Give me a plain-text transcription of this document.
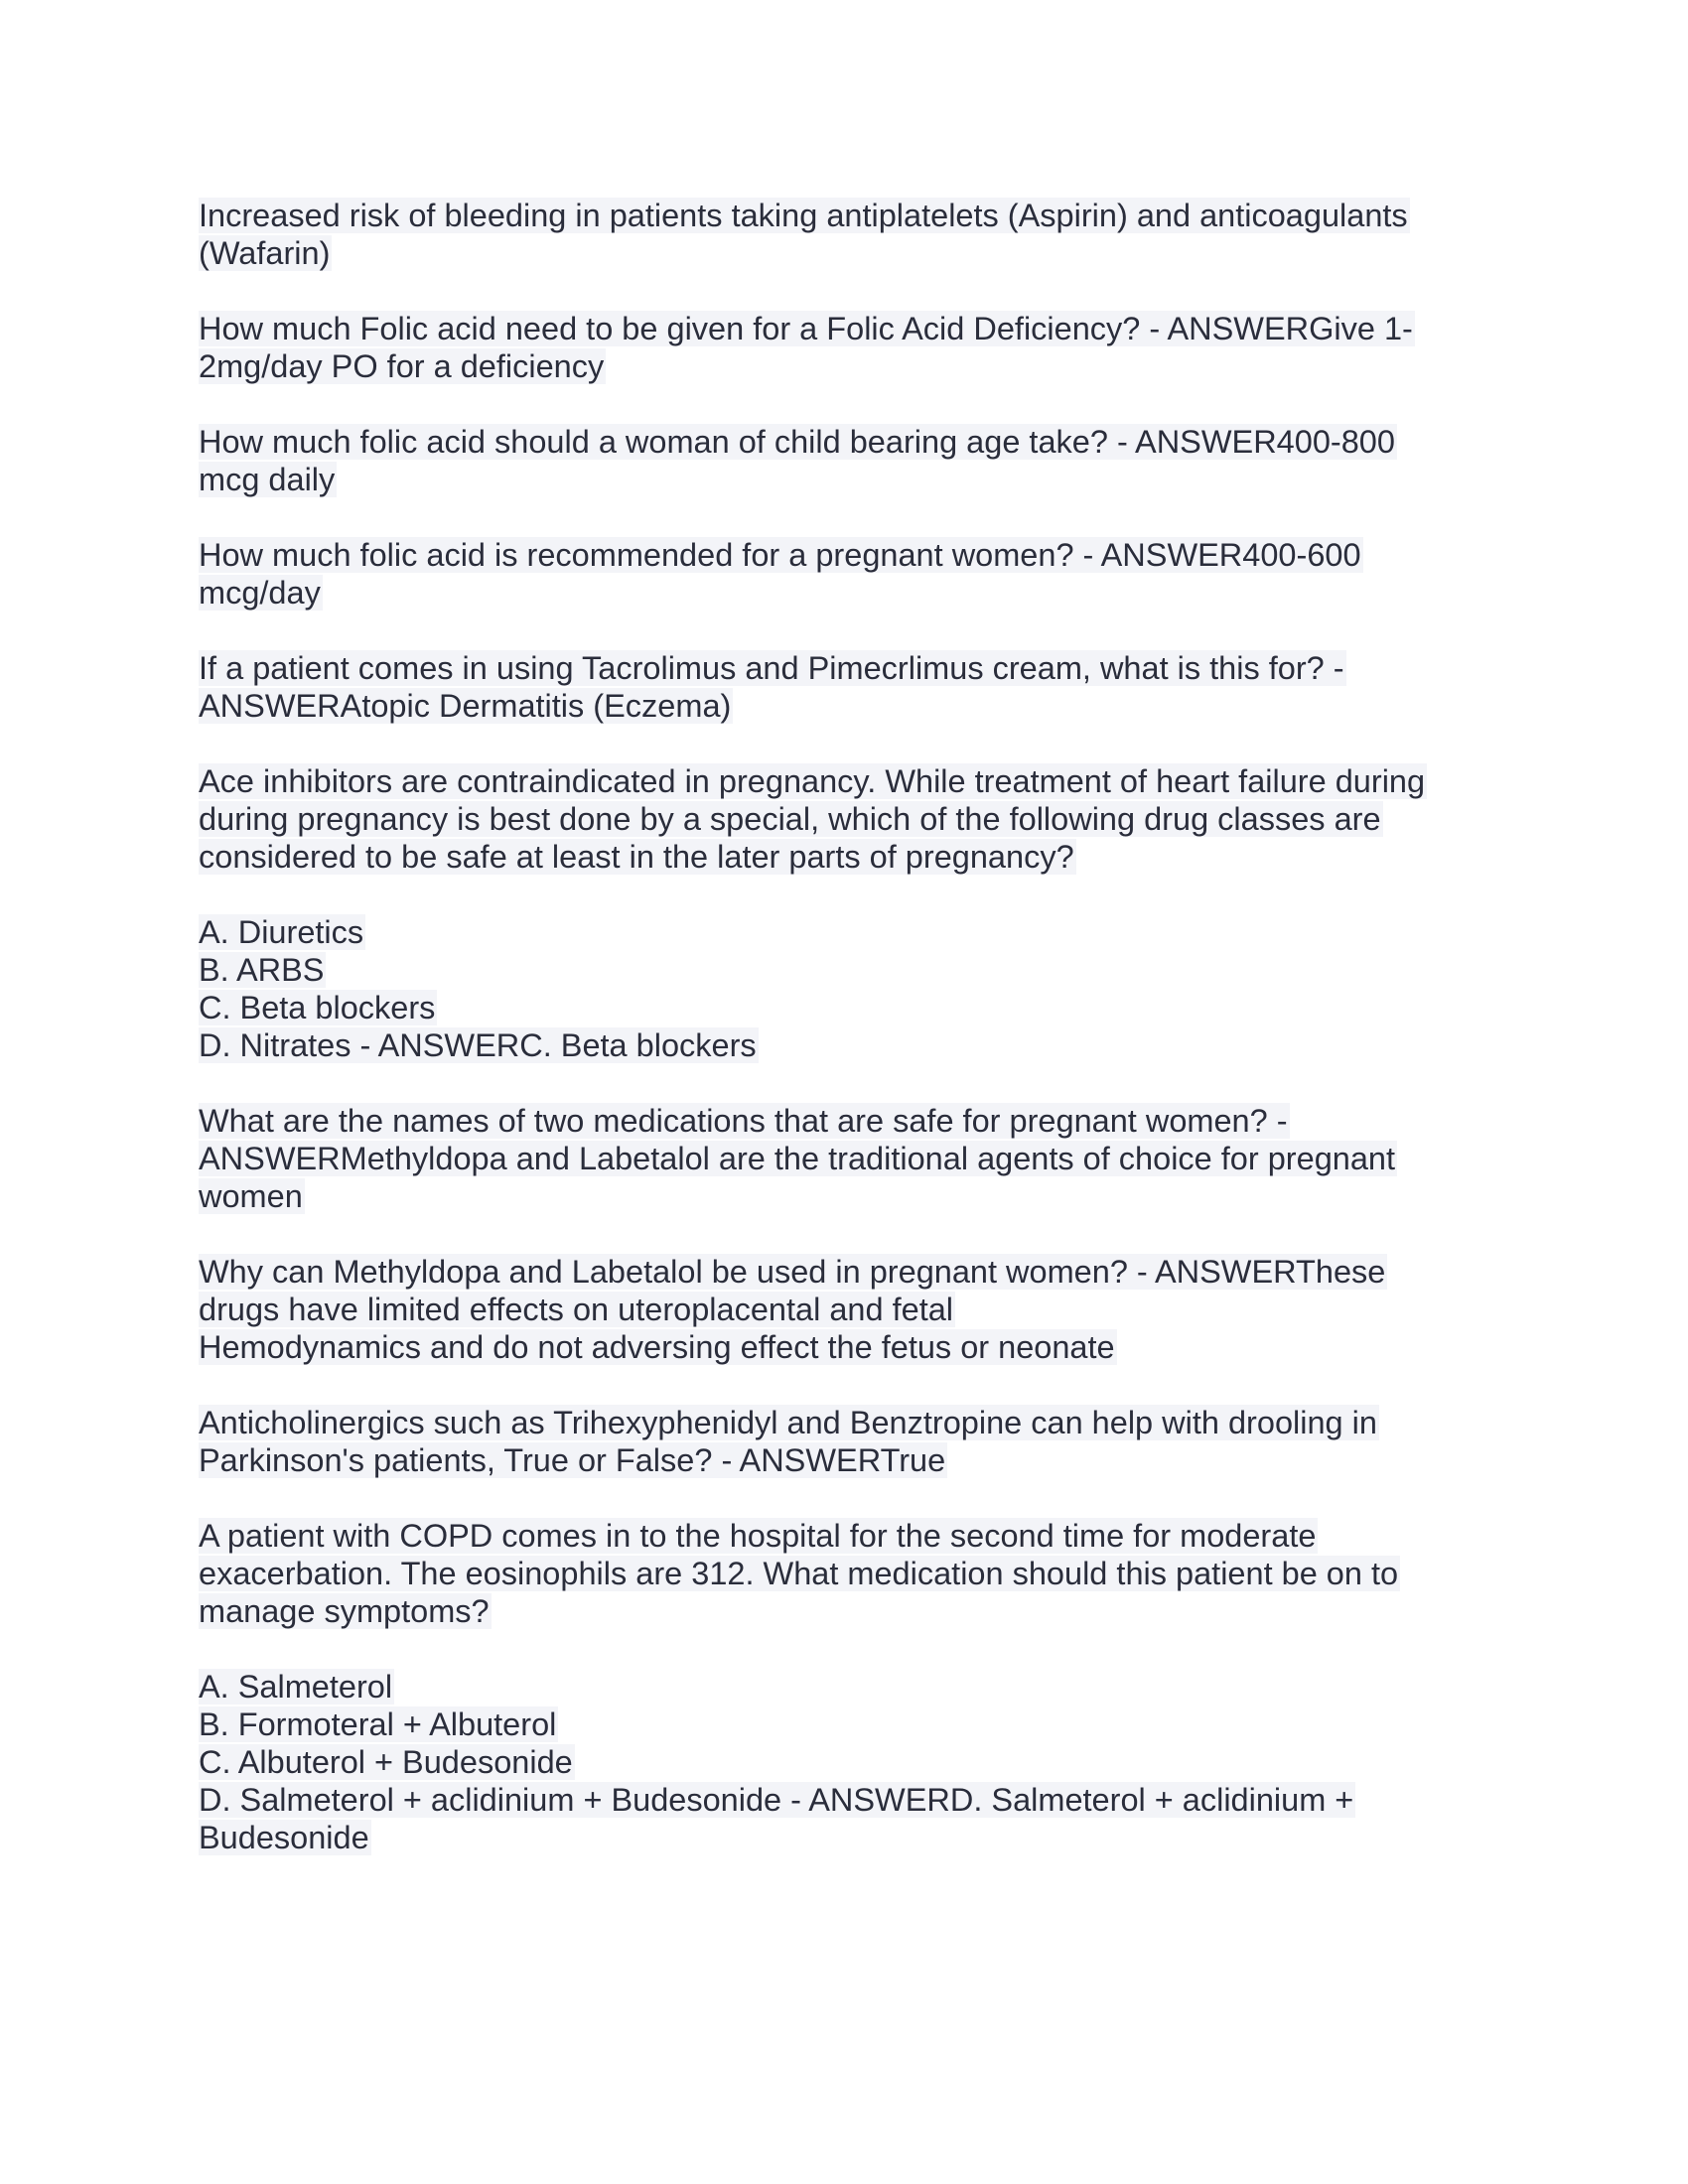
Increased risk of bleeding in patients taking antiplatelets (Aspirin) and anticoagulants
(Wafarin)
How much Folic acid need to be given for a Folic Acid Deficiency? - ANSWERGive 1-
2mg/day PO for a deficiency
How much folic acid should a woman of child bearing age take? - ANSWER400-800
mcg daily
How much folic acid is recommended for a pregnant women? - ANSWER400-600
mcg/day
If a patient comes in using Tacrolimus and Pimecrlimus cream, what is this for? -
ANSWERAtopic Dermatitis (Eczema)
Ace inhibitors are contraindicated in pregnancy. While treatment of heart failure during
during pregnancy is best done by a special, which of the following drug classes are
considered to be safe at least in the later parts of pregnancy?
A. Diuretics
B. ARBS
C. Beta blockers
D. Nitrates - ANSWERC. Beta blockers
What are the names of two medications that are safe for pregnant women? -
ANSWERMethyldopa and Labetalol are the traditional agents of choice for pregnant
women
Why can Methyldopa and Labetalol be used in pregnant women? - ANSWERThese
drugs have limited effects on uteroplacental and fetal
Hemodynamics and do not adversing effect the fetus or neonate
Anticholinergics such as Trihexyphenidyl and Benztropine can help with drooling in
Parkinson's patients, True or False? - ANSWERTrue
A patient with COPD comes in to the hospital for the second time for moderate
exacerbation. The eosinophils are 312. What medication should this patient be on to
manage symptoms?
A. Salmeterol
B. Formoteral + Albuterol
C. Albuterol + Budesonide
D. Salmeterol + aclidinium + Budesonide - ANSWERD. Salmeterol + aclidinium +
Budesonide
